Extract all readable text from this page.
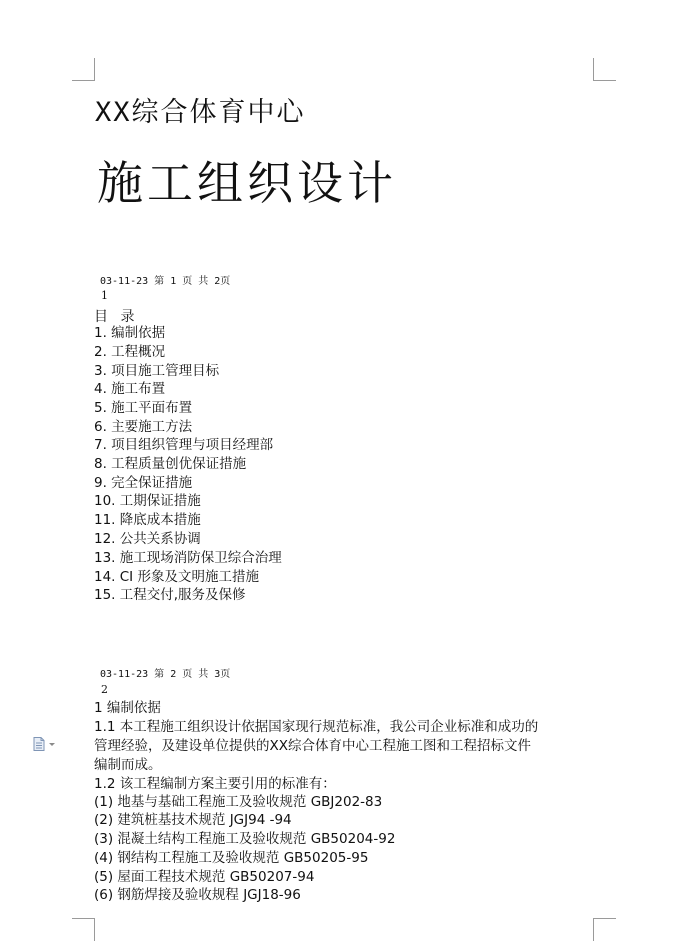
XX综合体育中心
施工组织设计
03-11-23 第 1 页 共 2页
1
目 录
1. 编制依据
2. 工程概况
3. 项目施工管理目标
4. 施工布置
5. 施工平面布置
6. 主要施工方法
7. 项目组织管理与项目经理部
8. 工程质量创优保证措施
9. 完全保证措施
10. 工期保证措施
11. 降底成本措施
12. 公共关系协调
13. 施工现场消防保卫综合治理
14. CI 形象及文明施工措施
15. 工程交付,服务及保修
03-11-23 第 2 页 共 3页
2
1 编制依据
1.1 本工程施工组织设计依据国家现行规范标准，我公司企业标准和成功的
管理经验，及建设单位提供的XX综合体育中心工程施工图和工程招标文件
编制而成。
1.2 该工程编制方案主要引用的标准有：
(1) 地基与基础工程施工及验收规范 GBJ202-83
(2) 建筑桩基技术规范 JGJ94 -94
(3) 混凝土结构工程施工及验收规范 GB50204-92
(4) 钢结构工程施工及验收规范 GB50205-95
(5) 屋面工程技术规范 GB50207-94
(6) 钢筋焊接及验收规程 JGJ18-96
